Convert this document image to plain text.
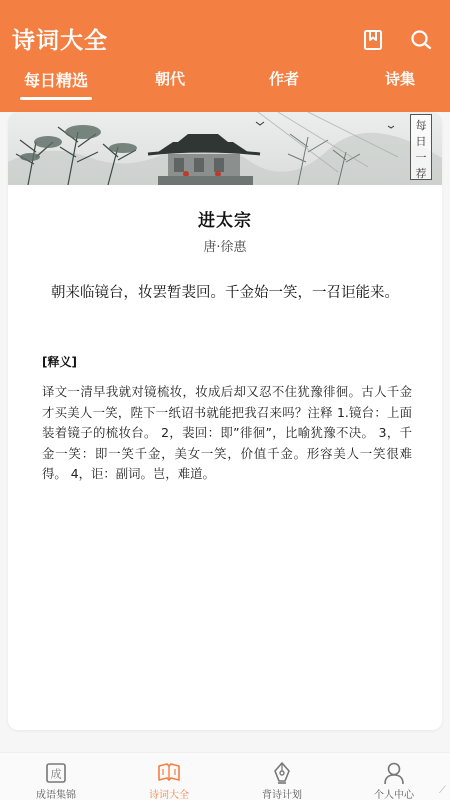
诗词大全
每日精选	朝代	作者	诗集
每
日
一
荐
进太宗
唐·徐惠
朝来临镜台，妆罢暂裴回。千金始一笑，一召讵能来。
[释义]
译文一清早我就对镜梳妆，妆成后却又忍不住犹豫徘徊。古人千金才买美人一笑，陛下一纸诏书就能把我召来吗？注释 1.镜台：上面装着镜子的梳妆台。 2，裴回：即”徘徊”，比喻犹豫不决。 3，千金一笑：即一笑千金，美女一笑，价值千金。形容美人一笑很难得。 4，讵：副词。岂，难道。
成
成语集锦	诗词大全	背诗计划	个人中心	⟋
